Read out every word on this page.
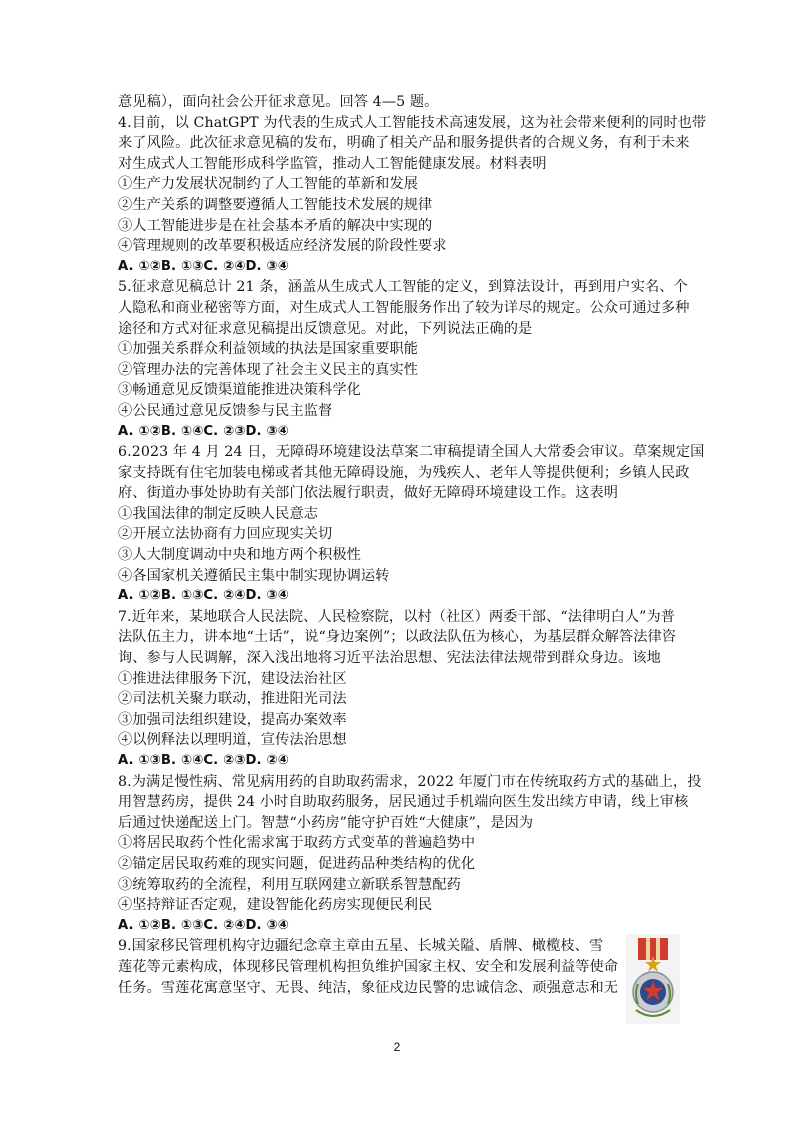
意见稿），面向社会公开征求意见。回答 4—5 题。
4.目前，以 ChatGPT 为代表的生成式人工智能技术高速发展，这为社会带来便利的同时也带
来了风险。此次征求意见稿的发布，明确了相关产品和服务提供者的合规义务，有利于未来
对生成式人工智能形成科学监管，推动人工智能健康发展。材料表明
①生产力发展状况制约了人工智能的革新和发展
②生产关系的调整要遵循人工智能技术发展的规律
③人工智能进步是在社会基本矛盾的解决中实现的
④管理规则的改革要积极适应经济发展的阶段性要求
A. ①②B. ①③C. ②④D. ③④
5.征求意见稿总计 21 条，涵盖从生成式人工智能的定义，到算法设计，再到用户实名、个
人隐私和商业秘密等方面，对生成式人工智能服务作出了较为详尽的规定。公众可通过多种
途径和方式对征求意见稿提出反馈意见。对此，下列说法正确的是
①加强关系群众利益领域的执法是国家重要职能
②管理办法的完善体现了社会主义民主的真实性
③畅通意见反馈渠道能推进决策科学化
④公民通过意见反馈参与民主监督
A. ①②B. ①④C. ②③D. ③④
6.2023 年 4 月 24 日，无障碍环境建设法草案二审稿提请全国人大常委会审议。草案规定国
家支持既有住宅加装电梯或者其他无障碍设施，为残疾人、老年人等提供便利；乡镇人民政
府、街道办事处协助有关部门依法履行职责，做好无障碍环境建设工作。这表明
①我国法律的制定反映人民意志
②开展立法协商有力回应现实关切
③人大制度调动中央和地方两个积极性
④各国家机关遵循民主集中制实现协调运转
A. ①②B. ①③C. ②④D. ③④
7.近年来，某地联合人民法院、人民检察院，以村（社区）两委干部、“法律明白人”为普
法队伍主力，讲本地“土话”，说“身边案例”；以政法队伍为核心，为基层群众解答法律咨
询、参与人民调解，深入浅出地将习近平法治思想、宪法法律法规带到群众身边。该地
①推进法律服务下沉，建设法治社区
②司法机关聚力联动，推进阳光司法
③加强司法组织建设，提高办案效率
④以例释法以理明道，宣传法治思想
A. ①③B. ①④C. ②③D. ②④
8.为满足慢性病、常见病用药的自助取药需求，2022 年厦门市在传统取药方式的基础上，投
用智慧药房，提供 24 小时自助取药服务，居民通过手机端向医生发出续方申请，线上审核
后通过快递配送上门。智慧“小药房”能守护百姓“大健康”，是因为
①将居民取药个性化需求寓于取药方式变革的普遍趋势中
②锚定居民取药难的现实问题，促进药品种类结构的优化
③统筹取药的全流程，利用互联网建立新联系智慧配药
④坚持辩证否定观，建设智能化药房实现便民利民
A. ①②B. ①③C. ②④D. ③④
9.国家移民管理机构守边疆纪念章主章由五星、长城关隘、盾牌、橄榄枝、雪
莲花等元素构成，体现移民管理机构担负维护国家主权、安全和发展利益等使命
任务。雪莲花寓意坚守、无畏、纯洁，象征戍边民警的忠诚信念、顽强意志和无
2
